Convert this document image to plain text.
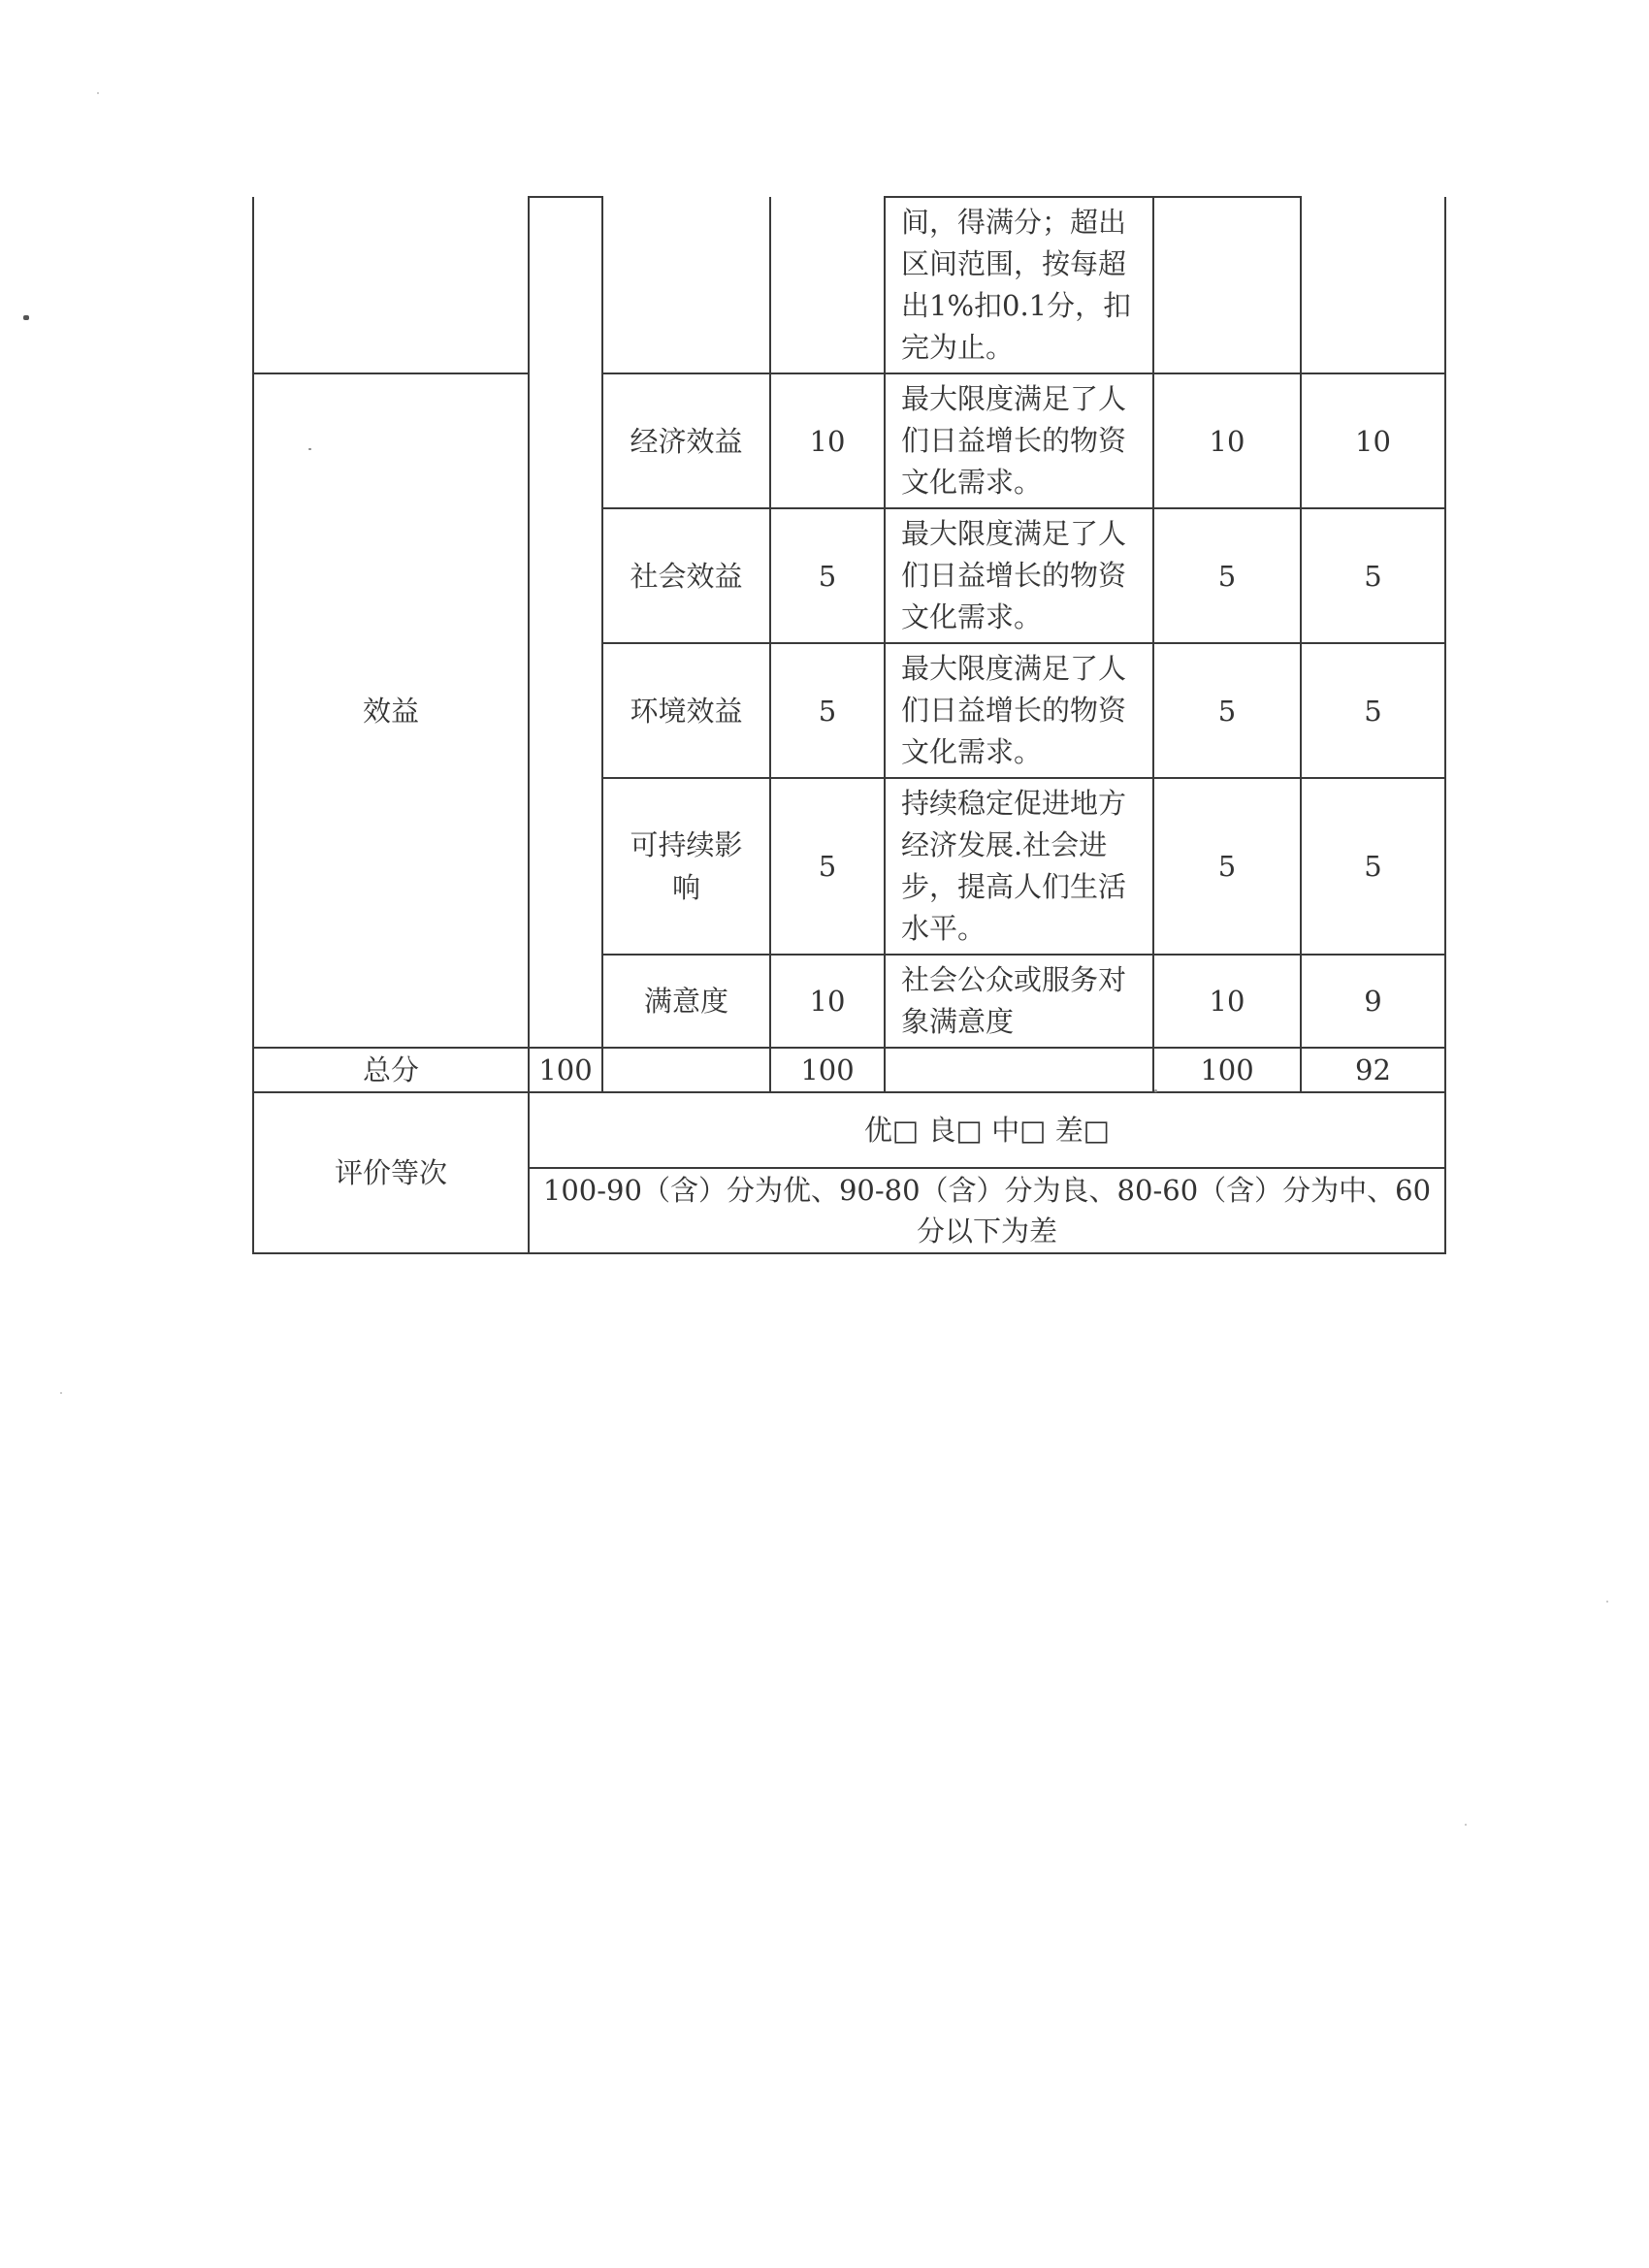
				间，得满分；超出区间范围，按每超出1%扣0.1分，扣完为止。		
效益		经济效益	10	最大限度满足了人们日益增长的物资文化需求。	10	10
		社会效益	5	最大限度满足了人们日益增长的物资文化需求。	5	5
		环境效益	5	最大限度满足了人们日益增长的物资文化需求。	5	5
		可持续影响	5	持续稳定促进地方经济发展.社会进步，提高人们生活水平。	5	5
		满意度	10	社会公众或服务对象满意度	10	9
总分	100		100		100	92
评价等次	优□ 良□ 中□ 差□					
	100-90（含）分为优、90-80（含）分为良、80-60（含）分为中、60分以下为差					
